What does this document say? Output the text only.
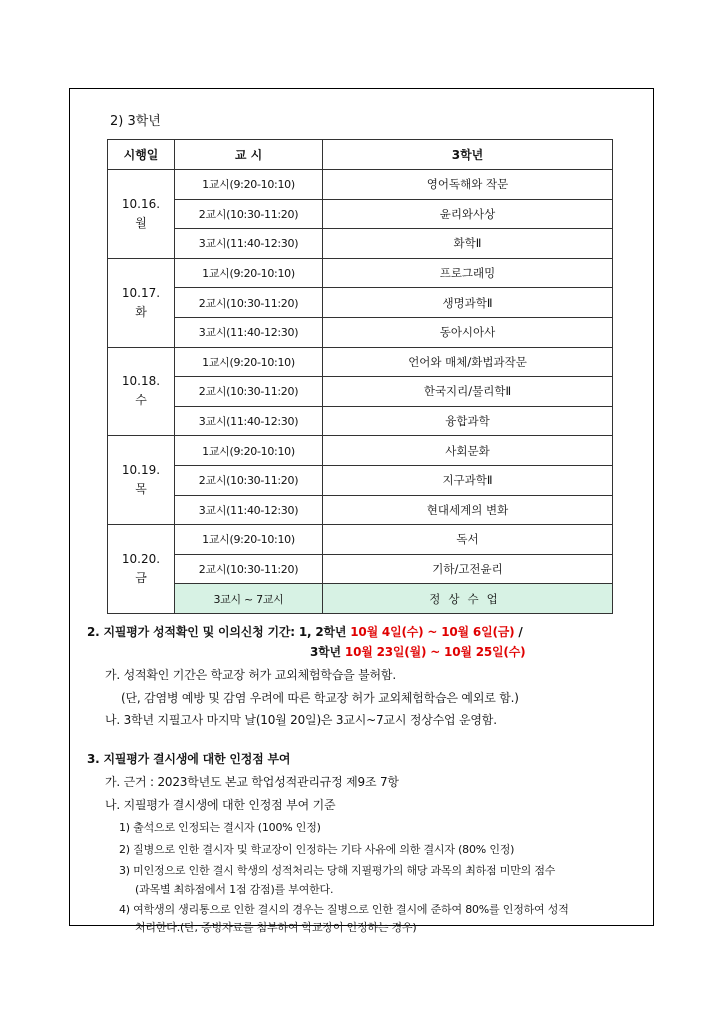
2) 3학년
시행일	교 시	3학년
10.16.
월	1교시(9:20-10:10)	영어독해와 작문
	2교시(10:30-11:20)	윤리와사상
	3교시(11:40-12:30)	화학Ⅱ
10.17.
화	1교시(9:20-10:10)	프로그래밍
	2교시(10:30-11:20)	생명과학Ⅱ
	3교시(11:40-12:30)	동아시아사
10.18.
수	1교시(9:20-10:10)	언어와 매체/화법과작문
	2교시(10:30-11:20)	한국지리/물리학Ⅱ
	3교시(11:40-12:30)	융합과학
10.19.
목	1교시(9:20-10:10)	사회문화
	2교시(10:30-11:20)	지구과학Ⅱ
	3교시(11:40-12:30)	현대세계의 변화
10.20.
금	1교시(9:20-10:10)	독서
	2교시(10:30-11:20)	기하/고전윤리
	3교시 ~ 7교시	정상수업
2. 지필평가 성적확인 및 이의신청 기간: 1, 2학년 10월 4일(수) ~ 10월 6일(금) /
3학년 10월 23일(월) ~ 10월 25일(수)
가. 성적확인 기간은 학교장 허가 교외체험학습을 불허함.
(단, 감염병 예방 및 감염 우려에 따른 학교장 허가 교외체험학습은 예외로 함.)
나. 3학년 지필고사 마지막 날(10월 20일)은 3교시~7교시 정상수업 운영함.
3. 지필평가 결시생에 대한 인정점 부여
가. 근거 : 2023학년도 본교 학업성적관리규정 제9조 7항
나. 지필평가 결시생에 대한 인정점 부여 기준
1) 출석으로 인정되는 결시자 (100% 인정)
2) 질병으로 인한 결시자 및 학교장이 인정하는 기타 사유에 의한 결시자 (80% 인정)
3) 미인정으로 인한 결시 학생의 성적처리는 당해 지필평가의 해당 과목의 최하점 미만의 점수
(과목별 최하점에서 1점 감점)를 부여한다.
4) 여학생의 생리통으로 인한 결시의 경우는 질병으로 인한 결시에 준하여 80%를 인정하여 성적
처리한다.(단, 증빙자료를 첨부하여 학교장이 인정하는 경우)
